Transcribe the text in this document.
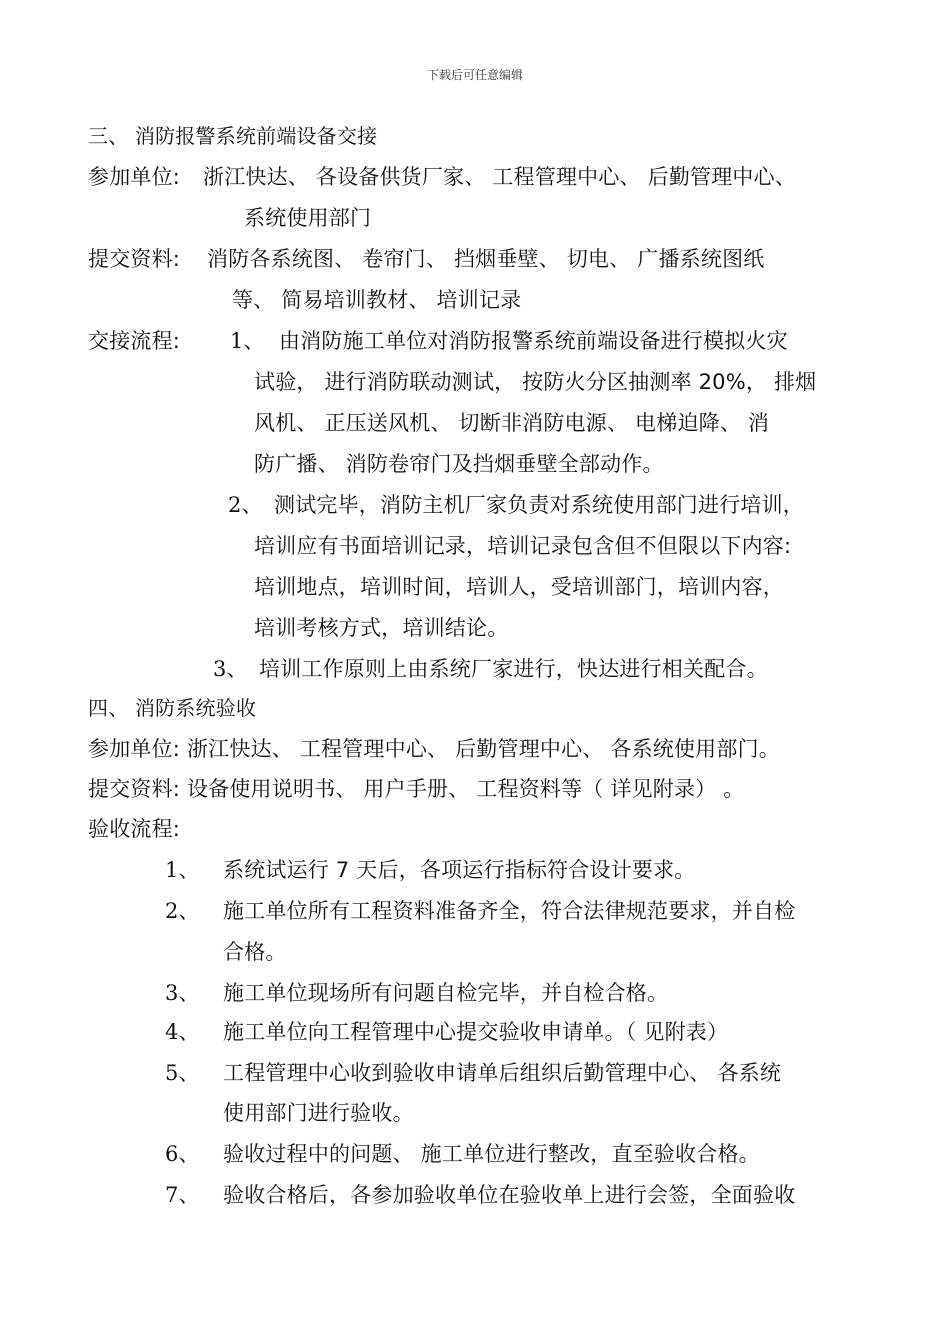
下载后可任意编辑
三、 消防报警系统前端设备交接
参加单位: 浙江快达、 各设备供货厂家、 工程管理中心、 后勤管理中心、
系统使用部门
提交资料: 消防各系统图、 卷帘门、 挡烟垂壁、 切电、 广播系统图纸
等、 简易培训教材、 培训记录
交接流程: 1、 由消防施工单位对消防报警系统前端设备进行模拟火灾
试验， 进行消防联动测试， 按防火分区抽测率 20%， 排烟
风机、 正压送风机、 切断非消防电源、 电梯迫降、 消
防广播、 消防卷帘门及挡烟垂壁全部动作。
2、 测试完毕，消防主机厂家负责对系统使用部门进行培训，
培训应有书面培训记录，培训记录包含但不但限以下内容:
培训地点，培训时间，培训人，受培训部门，培训内容，
培训考核方式，培训结论。
3、 培训工作原则上由系统厂家进行，快达进行相关配合。
四、 消防系统验收
参加单位: 浙江快达、 工程管理中心、 后勤管理中心、 各系统使用部门。
提交资料: 设备使用说明书、 用户手册、 工程资料等（ 详见附录） 。
验收流程:
1、 系统试运行 7 天后，各项运行指标符合设计要求。
2、 施工单位所有工程资料准备齐全，符合法律规范要求，并自检
合格。
3、 施工单位现场所有问题自检完毕，并自检合格。
4、 施工单位向工程管理中心提交验收申请单。（ 见附表）
5、 工程管理中心收到验收申请单后组织后勤管理中心、 各系统
使用部门进行验收。
6、 验收过程中的问题、 施工单位进行整改，直至验收合格。
7、 验收合格后，各参加验收单位在验收单上进行会签，全面验收
